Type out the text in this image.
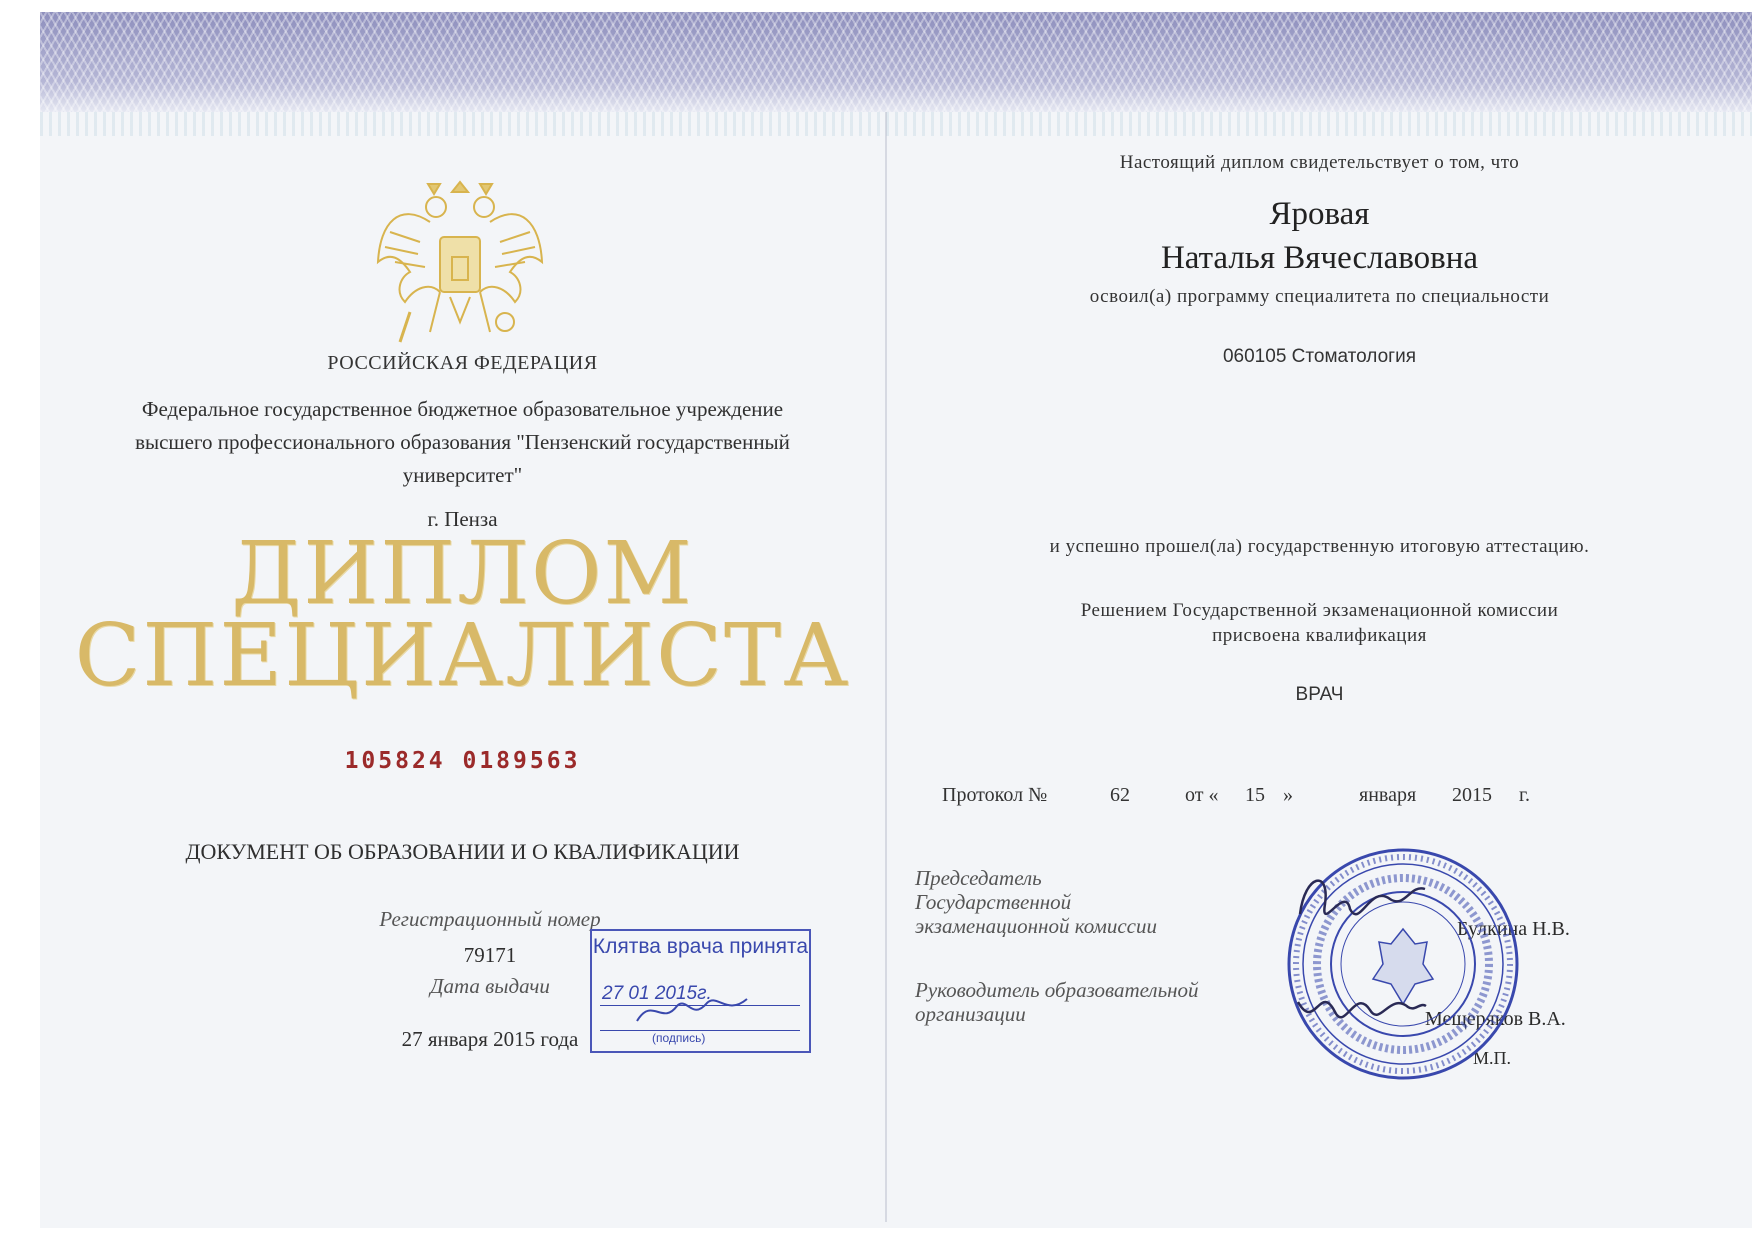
РОССИЙСКАЯ ФЕДЕРАЦИЯ
Федеральное государственное бюджетное образовательное учреждение
высшего профессионального образования "Пензенский государственный
университет"
г. Пенза
ДИПЛОМ
СПЕЦИАЛИСТА
105824 0189563
ДОКУМЕНТ ОБ ОБРАЗОВАНИИ И О КВАЛИФИКАЦИИ
Регистрационный номер
79171
Дата выдачи
27 января 2015 года
Клятва врача принята
27 01 2015г.
(подпись)
Настоящий диплом свидетельствует о том, что
Яровая
Наталья Вячеславовна
освоил(а) программу специалитета по специальности
060105 Стоматология
и успешно прошел(ла) государственную итоговую аттестацию.
Решением Государственной экзаменационной комиссии
присвоена квалификация
ВРАЧ
Протокол №	62	от « 15 »	января 2015 г.
Председатель
Государственной
экзаменационной комиссии	Булкина Н.В.
Руководитель образовательной
организации	Мещеряков В.А.
М.П.
